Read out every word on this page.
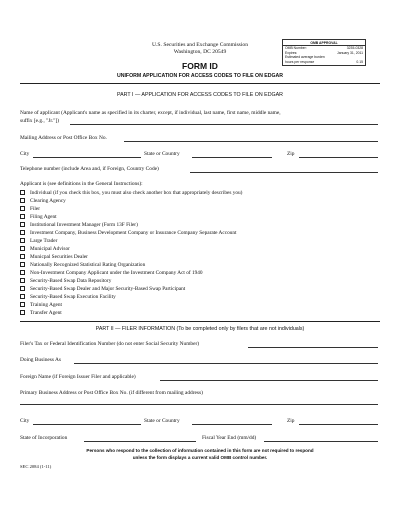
U.S. Securities and Exchange Commission
Washington, DC 20549
OMB APPROVAL
OMB Number:	3235-0328
Expires:	January 31, 2011
Estimated average burden
hours per response	0.15
FORM ID
UNIFORM APPLICATION FOR ACCESS CODES TO FILE ON EDGAR
PART I — APPLICATION FOR ACCESS CODES TO FILE ON EDGAR
Name of applicant (Applicant's name as specified in its charter, except, if individual, last name, first name, middle name,
suffix [e.g., "Jr."])
Mailing Address or Post Office Box No.
City	State or Country	Zip
Telephone number (include Area and, if Foreign, Country Code)
Applicant is (see definitions in the General Instructions):
Individual (if you check this box, you must also check another box that appropriately describes you)
Clearing Agency
Filer
Filing Agent
Institutional Investment Manager (Form 13F Filer)
Investment Company, Business Development Company or Insurance Company Separate Account
Large Trader
Municipal Advisor
Municpal Securities Dealer
Nationally Recognized Statistical Rating Organization
Non-Investment Company Applicant under the Investment Company Act of 1940
Security-Based Swap Data Repository
Security-Based Swap Dealer and Major Security-Based Swap Participant
Security-Based Swap Execution Facility
Training Agent
Transfer Agent
PART II — FILER INFORMATION (To be completed only by filers that are not individuals)
Filer's Tax or Federal Identification Number (do not enter Social Security Number)
Doing Business As
Foreign Name (if Foreign Issuer Filer and applicable)
Primary Business Address or Post Office Box No. (if different from mailing address)
City	State or Country	Zip
State of Incorporation	Fiscal Year End (mm/dd)
Persons who respond to the collection of information contained in this form are not required to respond
unless the form displays a current valid OMB control number.
SEC 2084 (1-11)
